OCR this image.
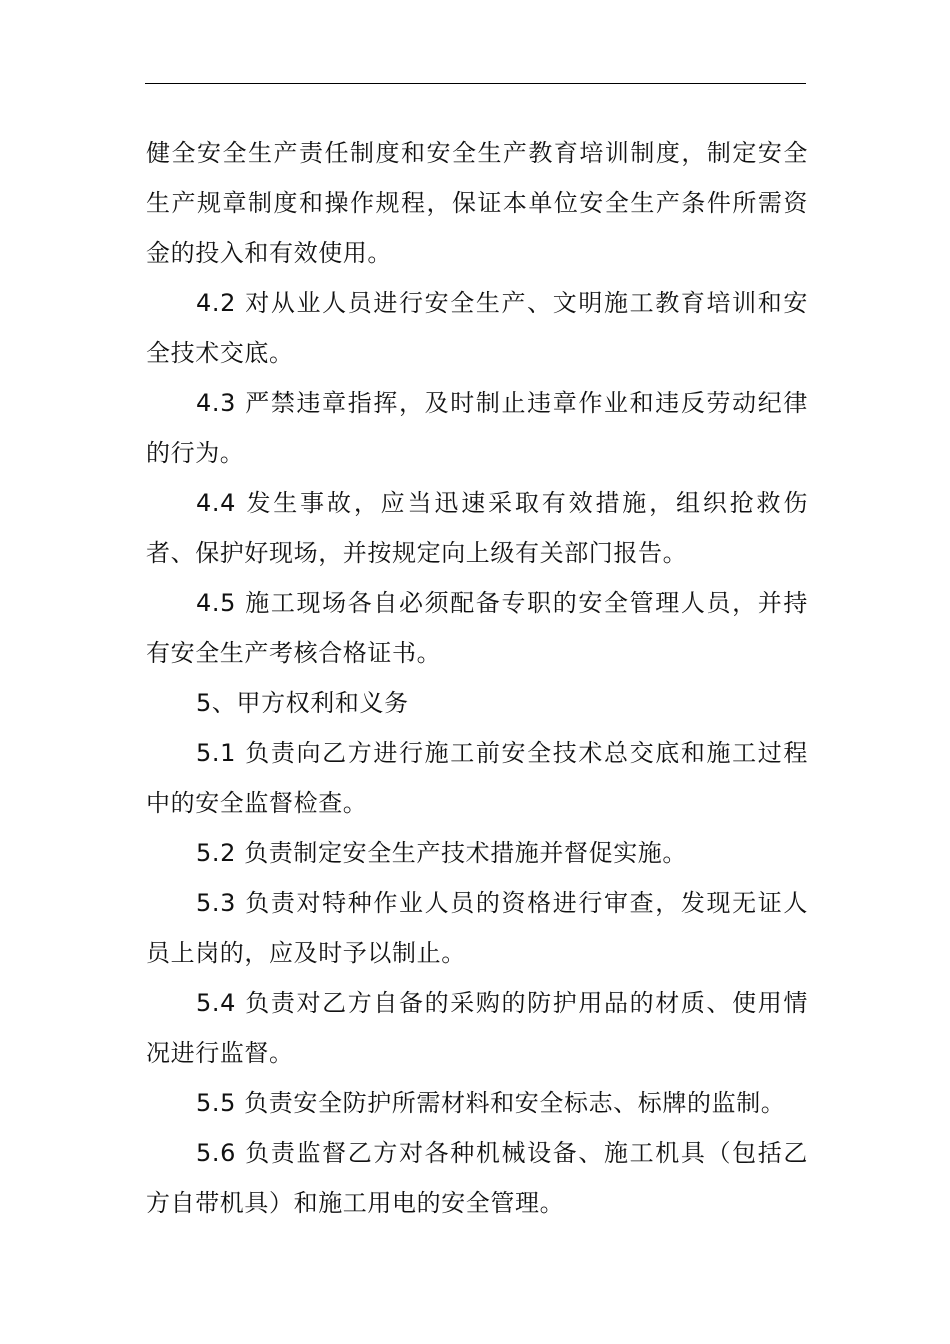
健全安全生产责任制度和安全生产教育培训制度，制定安全生产规章制度和操作规程，保证本单位安全生产条件所需资金的投入和有效使用。

4.2 对从业人员进行安全生产、文明施工教育培训和安全技术交底。

4.3 严禁违章指挥，及时制止违章作业和违反劳动纪律的行为。

4.4 发生事故，应当迅速采取有效措施，组织抢救伤者、保护好现场，并按规定向上级有关部门报告。

4.5 施工现场各自必须配备专职的安全管理人员，并持有安全生产考核合格证书。

5、甲方权利和义务

5.1 负责向乙方进行施工前安全技术总交底和施工过程中的安全监督检查。

5.2 负责制定安全生产技术措施并督促实施。

5.3 负责对特种作业人员的资格进行审查，发现无证人员上岗的，应及时予以制止。

5.4 负责对乙方自备的采购的防护用品的材质、使用情况进行监督。

5.5 负责安全防护所需材料和安全标志、标牌的监制。

5.6 负责监督乙方对各种机械设备、施工机具（包括乙方自带机具）和施工用电的安全管理。
